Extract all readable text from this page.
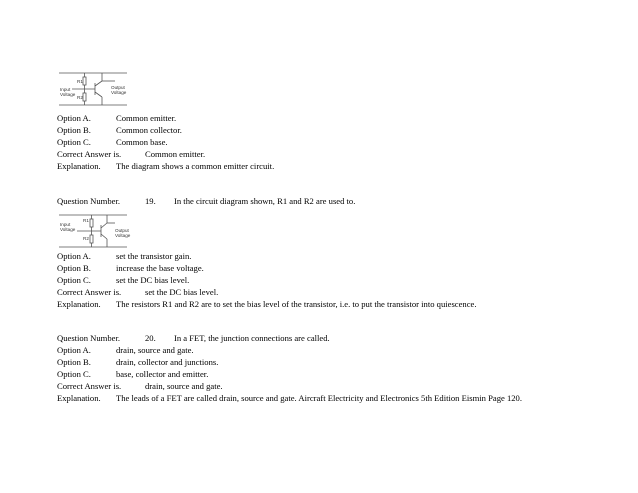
R1
R2
Input
Voltage
Output
Voltage
Option A.	Common emitter.
Option B.	Common collector.
Option C.	Common base.
Correct Answer is.	Common emitter.
Explanation. The diagram shows a common emitter circuit.
Question Number.	19. In the circuit diagram shown, R1 and R2 are used to.
R1
R2
Input
Voltage	Output
Voltage
Option A.	set the transistor gain.
Option B.	increase the base voltage.
Option C.	set the DC bias level.
Correct Answer is.	set the DC bias level.
Explanation. The resistors R1 and R2 are to set the bias level of the transistor, i.e. to put the transistor into quiescence.
Question Number.	20. In a FET, the junction connections are called.
Option A.	drain, source and gate.
Option B.	drain, collector and junctions.
Option C.	base, collector and emitter.
Correct Answer is.	drain, source and gate.
Explanation. The leads of a FET are called drain, source and gate. Aircraft Electricity and Electronics 5th Edition Eismin Page 120.
